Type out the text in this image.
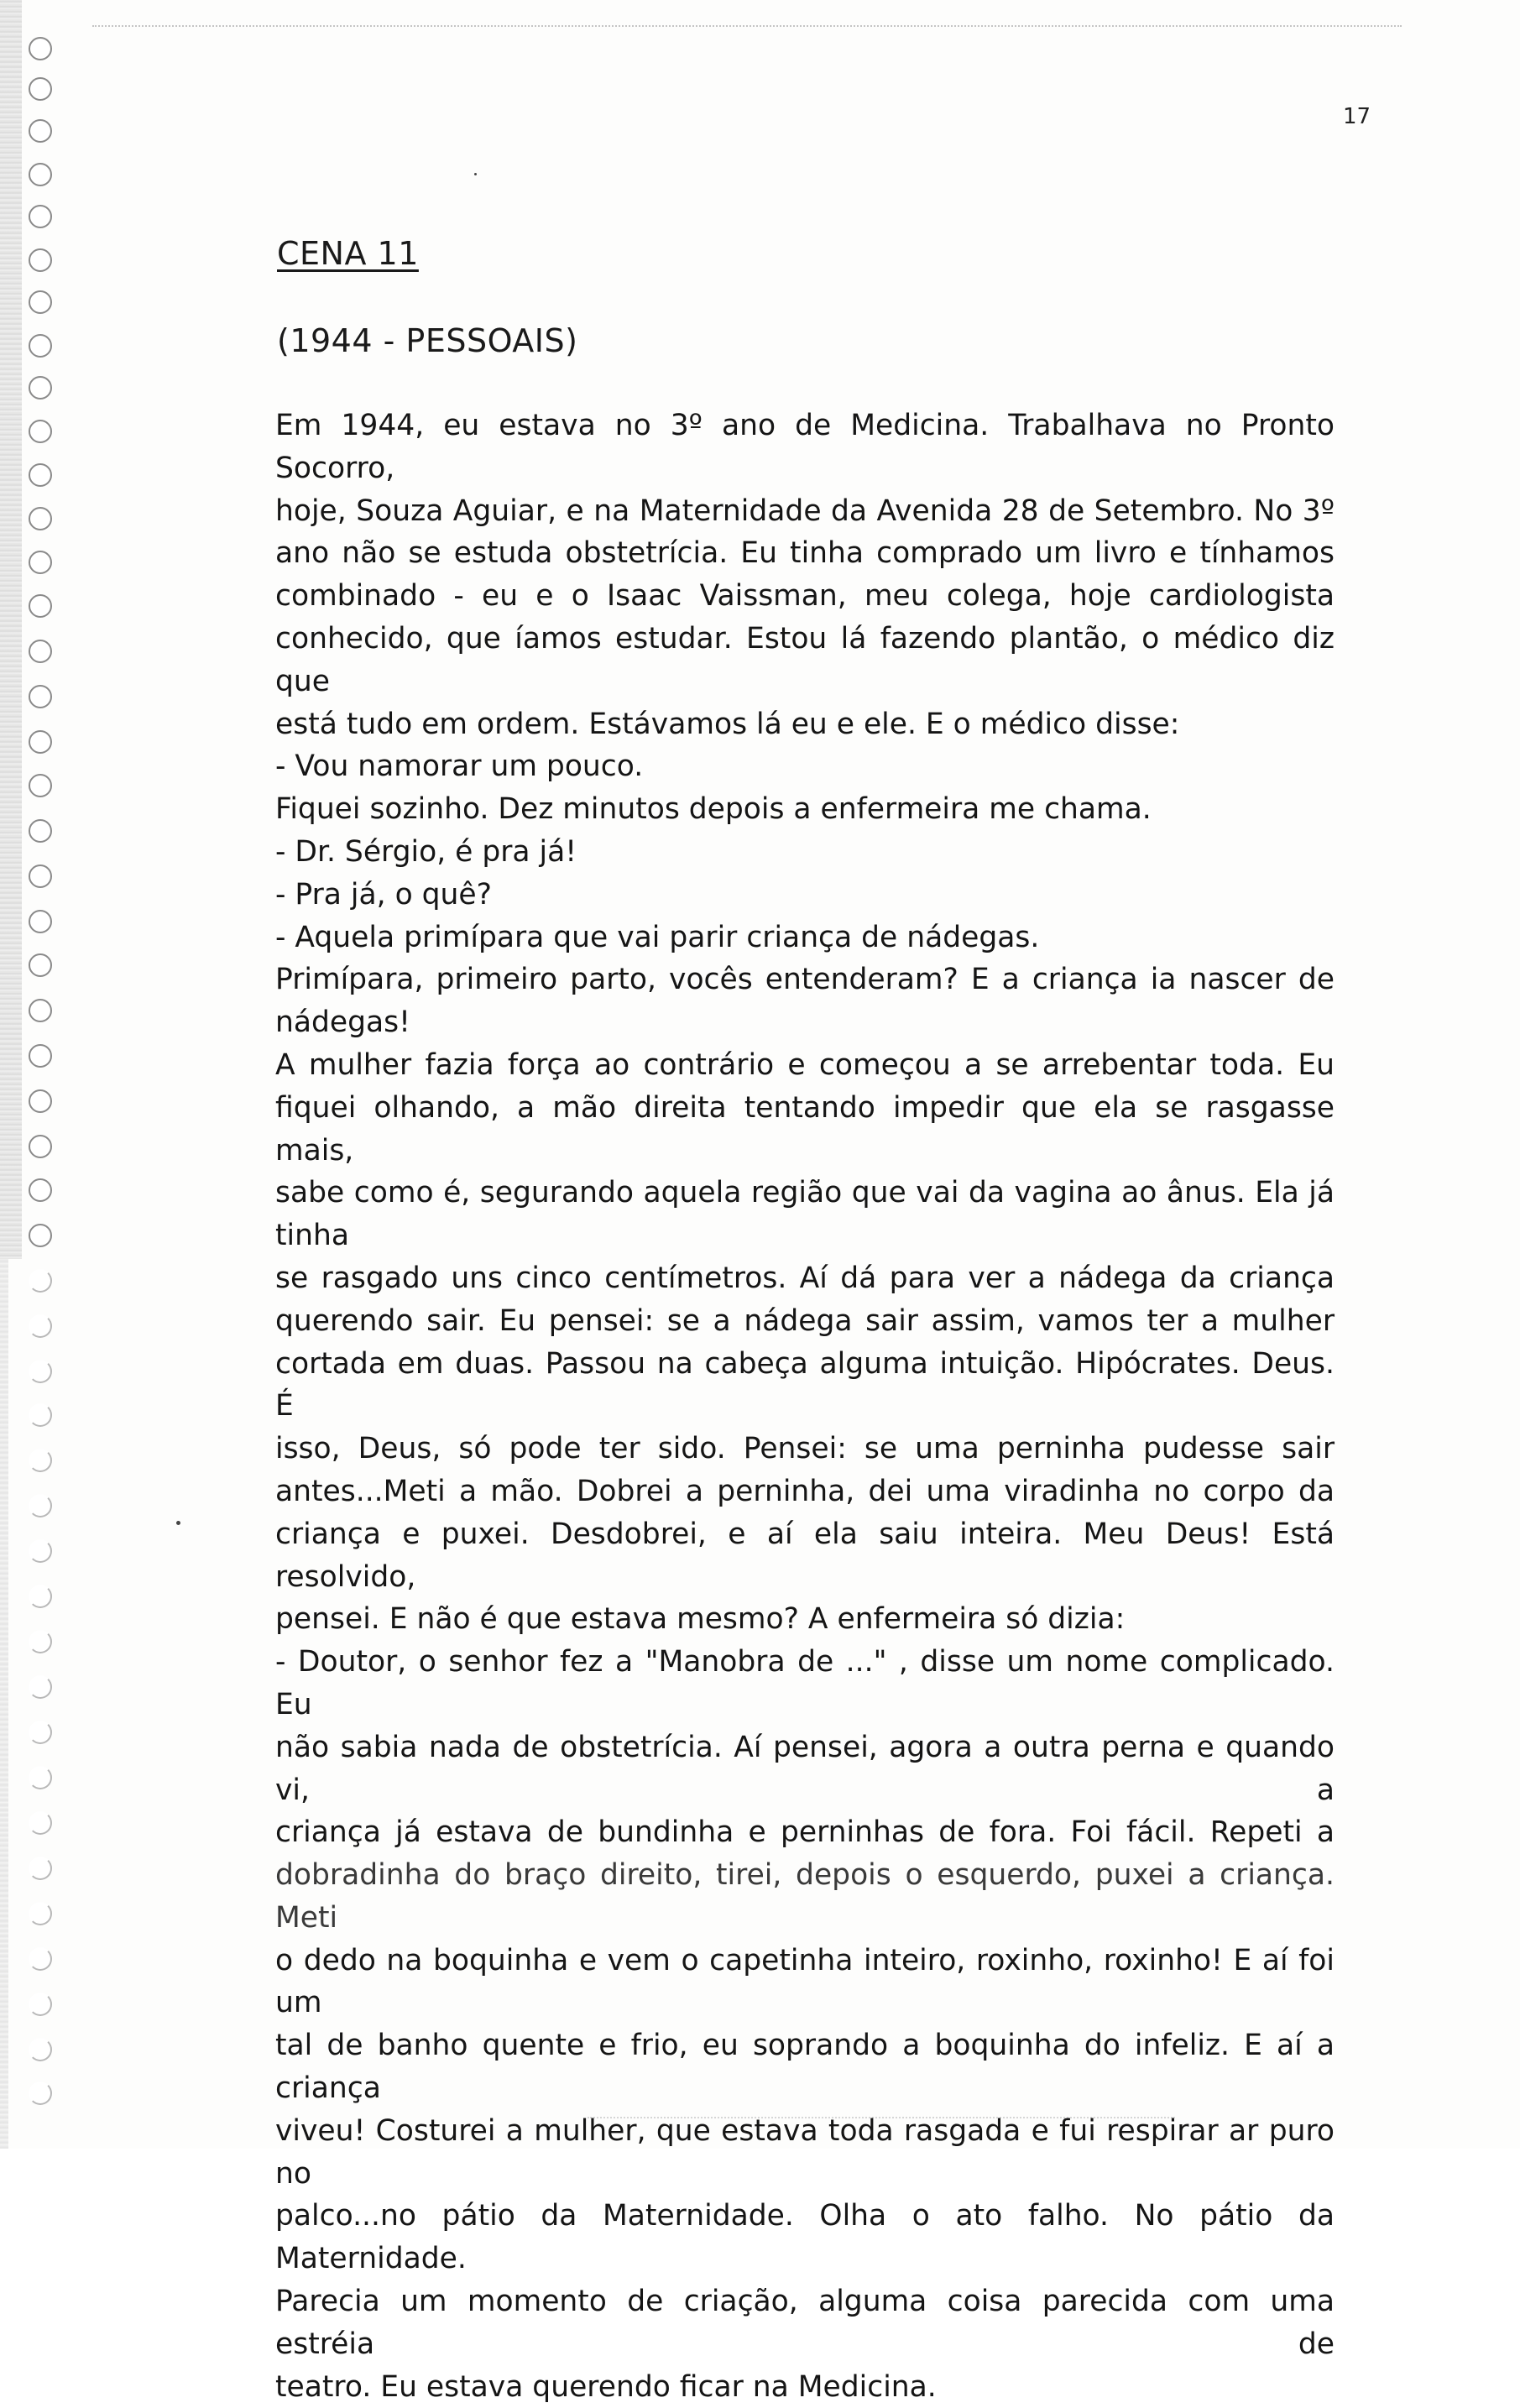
17
CENA 11
(1944 - PESSOAIS)
Em 1944, eu estava no 3º ano de Medicina. Trabalhava no Pronto Socorro,
hoje, Souza Aguiar, e na Maternidade da Avenida 28 de Setembro. No 3º
ano não se estuda obstetrícia. Eu tinha comprado um livro e tínhamos
combinado - eu e o Isaac Vaissman, meu colega, hoje cardiologista
conhecido, que íamos estudar. Estou lá fazendo plantão, o médico diz que
está tudo em ordem. Estávamos lá eu e ele. E o médico disse:
- Vou namorar um pouco.
Fiquei sozinho. Dez minutos depois a enfermeira me chama.
- Dr. Sérgio, é pra já!
- Pra já, o quê?
- Aquela primípara que vai parir criança de nádegas.
Primípara, primeiro parto, vocês entenderam? E a criança ia nascer de
nádegas!
A mulher fazia força ao contrário e começou a se arrebentar toda. Eu
fiquei olhando, a mão direita tentando impedir que ela se rasgasse mais,
sabe como é, segurando aquela região que vai da vagina ao ânus. Ela já tinha
se rasgado uns cinco centímetros. Aí dá para ver a nádega da criança
querendo sair. Eu pensei: se a nádega sair assim, vamos ter a mulher
cortada em duas. Passou na cabeça alguma intuição. Hipócrates. Deus. É
isso, Deus, só pode ter sido. Pensei: se uma perninha pudesse sair
antes...Meti a mão. Dobrei a perninha, dei uma viradinha no corpo da
criança e puxei. Desdobrei, e aí ela saiu inteira. Meu Deus! Está resolvido,
pensei. E não é que estava mesmo? A enfermeira só dizia:
- Doutor, o senhor fez a "Manobra de ..." , disse um nome complicado. Eu
não sabia nada de obstetrícia. Aí pensei, agora a outra perna e quando vi, a
criança já estava de bundinha e perninhas de fora. Foi fácil. Repeti a
dobradinha do braço direito, tirei, depois o esquerdo, puxei a criança. Meti
o dedo na boquinha e vem o capetinha inteiro, roxinho, roxinho! E aí foi um
tal de banho quente e frio, eu soprando a boquinha do infeliz. E aí a criança
viveu! Costurei a mulher, que estava toda rasgada e fui respirar ar puro no
palco...no pátio da Maternidade. Olha o ato falho. No pátio da Maternidade.
Parecia um momento de criação, alguma coisa parecida com uma estréia de
teatro. Eu estava querendo ficar na Medicina.
